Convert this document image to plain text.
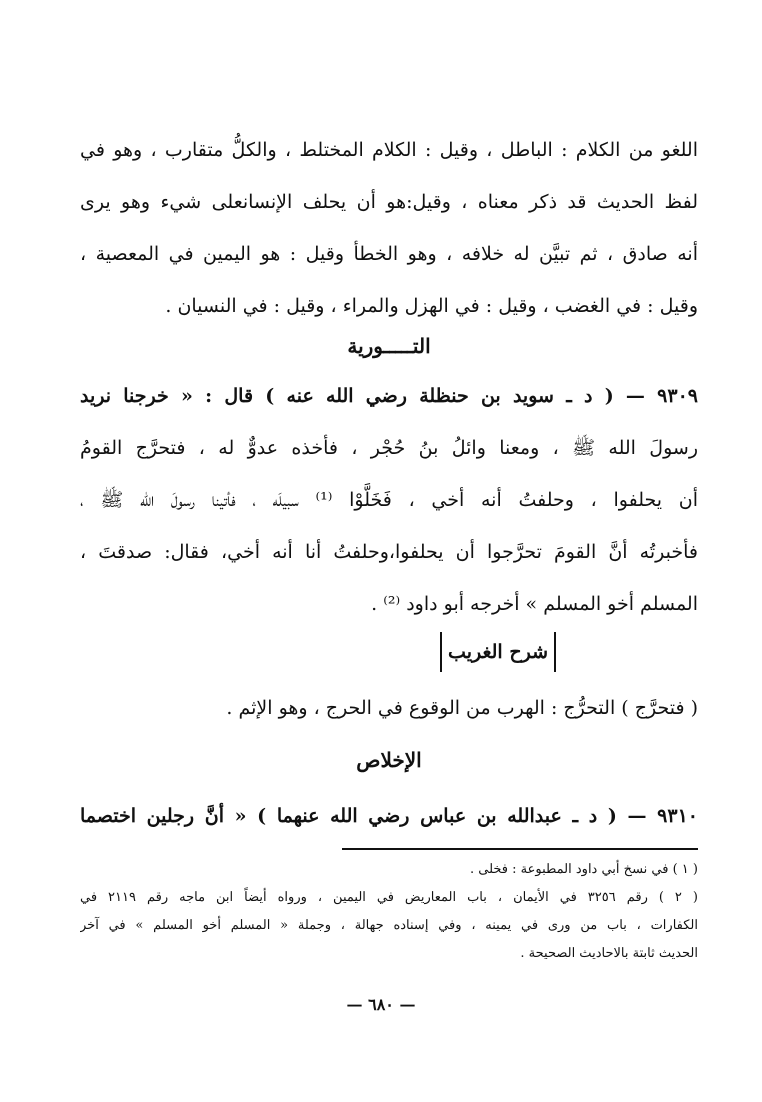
اللغو من الكلام : الباطل ، وقيل : الكلام المختلط ، والكلُّ متقارب ، وهو في
لفظ الحديث قد ذكر معناه ، وقيل:هو أن يحلف الإنسانعلى شيء وهو يرى
أنه صادق ، ثم تبيَّن له خلافه ، وهو الخطأ وقيل : هو اليمين في المعصية ،
وقيل : في الغضب ، وقيل : في الهزل والمراء ، وقيل : في النسيان .
التـــــورية
٩٣٠٩ — ( د ـ سويد بن حنظلة رضي الله عنه ) قال : « خرجنا نريد
رسولَ الله ﷺ ، ومعنا وائلُ بنُ حُجْر ، فأخذه عدوٌّ له ، فتحرَّج القومُ
أن يحلفوا ، وحلفتُ أنه أخي ، فَخَلَّوْا ⁽¹⁾ سبيلَه ، فأتينا رسولَ الله ﷺ ،
فأخبرتُه أنَّ القومَ تحرَّجوا أن يحلفوا،وحلفتُ أنا أنه أخي، فقال: صدقتَ ،
المسلم أخو المسلم » أخرجه أبو داود ⁽²⁾ .
شرح الغريب
( فتحرَّج ) التحرُّج : الهرب من الوقوع في الحرج ، وهو الإثم .
الإخلاص
٩٣١٠ — ( د ـ عبدالله بن عباس رضي الله عنهما ) « أنَّ رجلين اختصما
( ١ ) في نسخ أبي داود المطبوعة : فخلى .
( ٢ ) رقم ٣٢٥٦ في الأيمان ، باب المعاريض في اليمين ، ورواه أيضاً ابن ماجه رقم ٢١١٩ في
الكفارات ، باب من ورى في يمينه ، وفي إسناده جهالة ، وجملة « المسلم أخو المسلم » في آخر
الحديث ثابتة بالاحاديث الصحيحة .
— ٦٨٠ —
